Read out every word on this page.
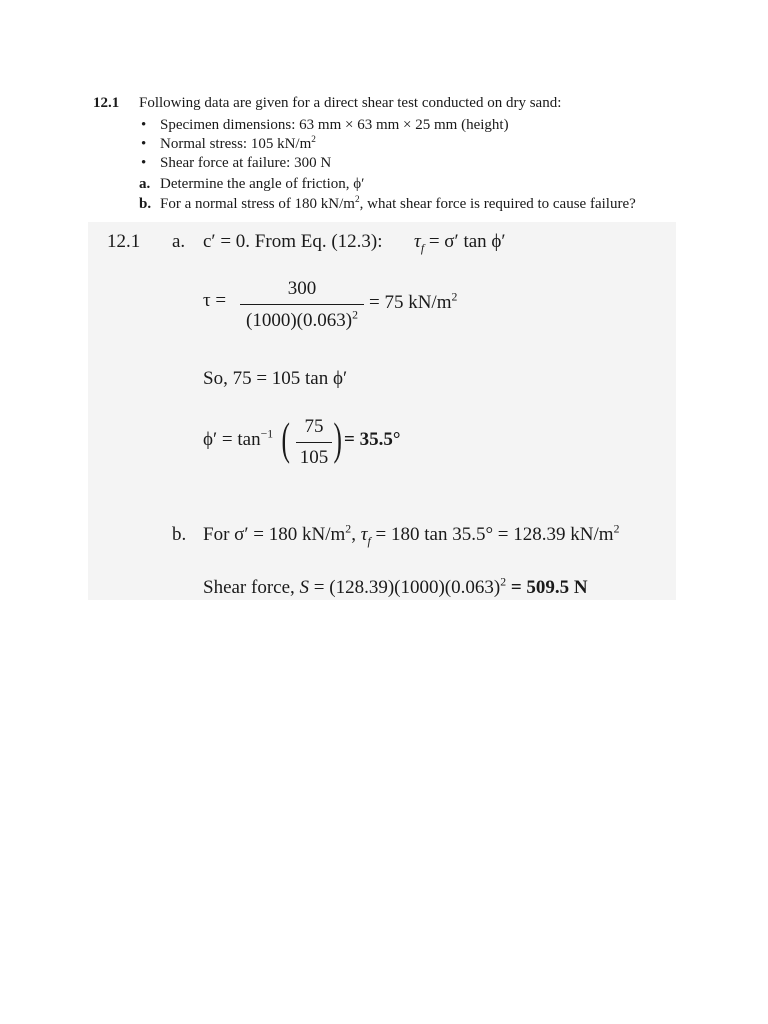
12.1 Following data are given for a direct shear test conducted on dry sand:
• Specimen dimensions: 63 mm × 63 mm × 25 mm (height)
• Normal stress: 105 $kN/m^2$
• Shear force at failure: 300 N
a. Determine the angle of friction, ϕ′
b. For a normal stress of 180 $kN/m^2$, what shear force is required to cause failure?
12.1 a. c′ = 0. From Eq. (12.3): $\tau_f = \sigma'$ tan ϕ′
τ =
300
$(1000)(0.063)^2$
= 75 $kN/m^2$
So, 75 = 105 tan ϕ′
$\phi' = \tan^{-1}$ ( 75
105 ) = 35.5°
b. For σ′ = 180 $kN/m^2$, $\tau_f = 180$ tan 35.5° = 128.39 $kN/m^2$
Shear force, $S = (128.39)(1000)(0.063)^2 = 509.5$ N
